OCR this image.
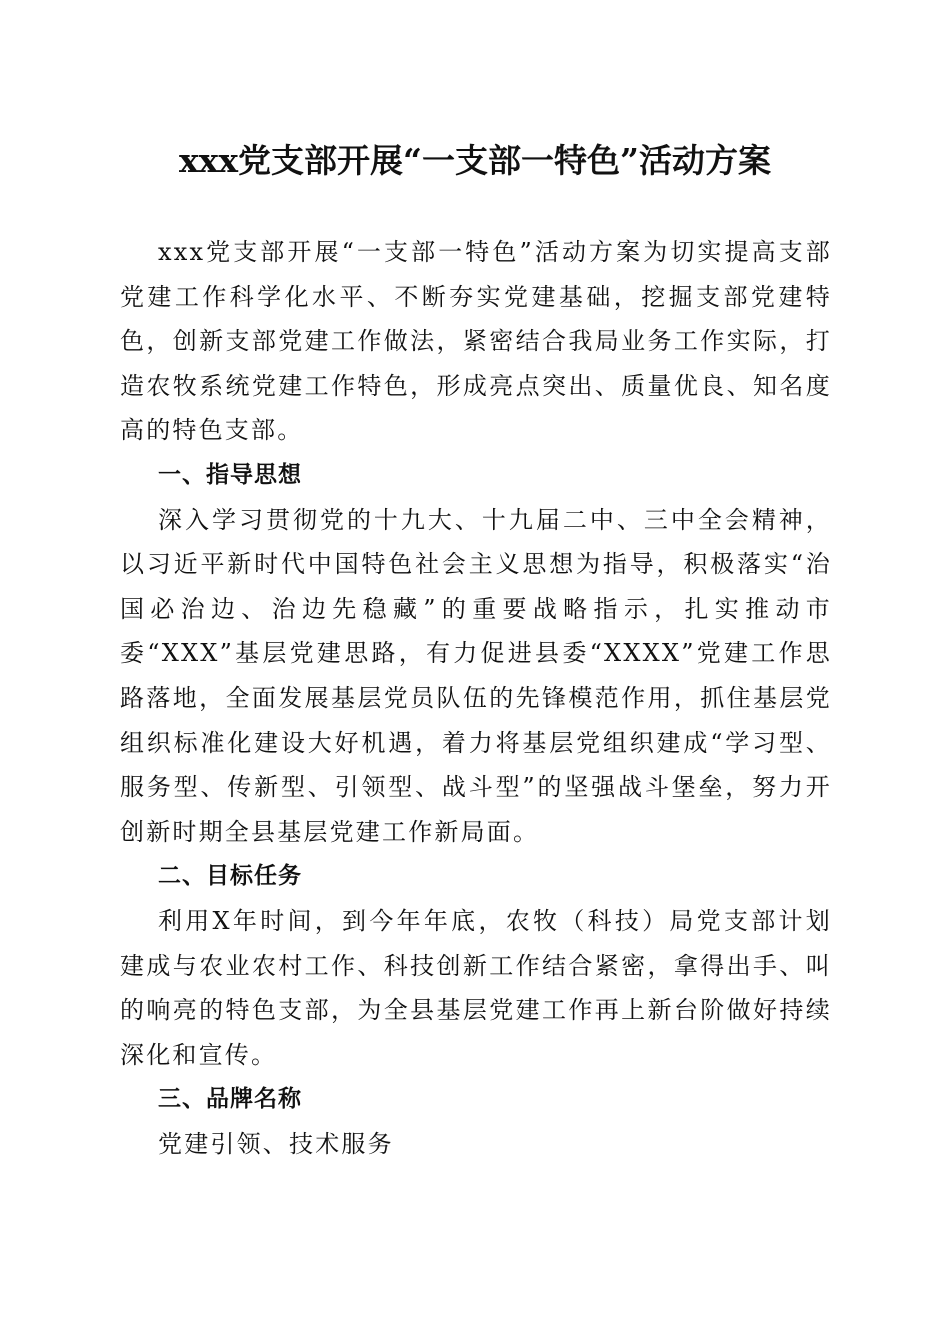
xxx党支部开展“一支部一特色”活动方案

xxx党支部开展“一支部一特色”活动方案为切实提高支部党建工作科学化水平、不断夯实党建基础，挖掘支部党建特色，创新支部党建工作做法，紧密结合我局业务工作实际，打造农牧系统党建工作特色，形成亮点突出、质量优良、知名度高的特色支部。

一、指导思想

深入学习贯彻党的十九大、十九届二中、三中全会精神，以习近平新时代中国特色社会主义思想为指导，积极落实“治国必治边、治边先稳藏”的重要战略指示，扎实推动市委“XXX”基层党建思路，有力促进县委“XXXX”党建工作思路落地，全面发展基层党员队伍的先锋模范作用，抓住基层党组织标准化建设大好机遇，着力将基层党组织建成“学习型、服务型、传新型、引领型、战斗型”的坚强战斗堡垒，努力开创新时期全县基层党建工作新局面。

二、目标任务

利用X年时间，到今年年底，农牧（科技）局党支部计划建成与农业农村工作、科技创新工作结合紧密，拿得出手、叫的响亮的特色支部，为全县基层党建工作再上新台阶做好持续深化和宣传。

三、品牌名称

党建引领、技术服务
